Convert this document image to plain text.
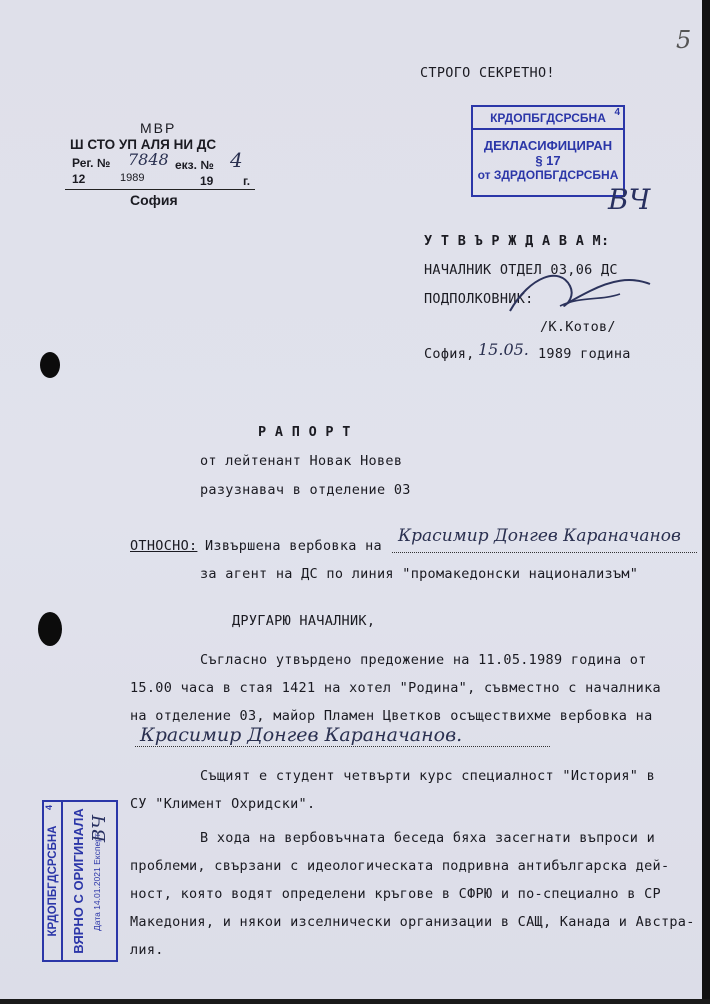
5
СТРОГО СЕКРЕТНО!
КРДОПБГДСРСБНА 4
ДЕКЛАСИФИЦИРАН
§ 17
от ЗДРДОПБГДСРСБНА
ВЧ
МВР
Ш СТО УП АЛЯ НИ ДС
Рег. № 7848 екз. № 4
12	1989	19 г.
София
У Т В Ъ Р Ж Д А В А М:
НАЧАЛНИК ОТДЕЛ 03,06 ДС
ПОДПОЛКОВНИК:
/К.Котов/
София, 15.05. 1989 година
Р А П О Р Т
от лейтенант Новак Новев
разузнавач в отделение 03
ОТНОСНО: Извършена вербовка на Красимир Донгев Караначанов
за агент на ДС по линия "промакедонски национализъм"
ДРУГАРЮ НАЧАЛНИК,
Съгласно утвърдено предожение на 11.05.1989 година от
15.00 часа в стая 1421 на хотел "Родина", съвместно с началника
на отделение 03, майор Пламен Цветков осъществихме вербовка на
Красимир Донгев Караначанов.
Същият е студент четвърти курс специалност "История" в
СУ "Климент Охридски".
В хода на вербовъчната беседа бяха засегнати въпроси и
проблеми, свързани с идеологическата подривна антибългарска дей-
ност, която водят определени кръгове в СФРЮ и по-специално в СР
Македония, и някои изселнически организации в САЩ, Канада и Австра-
лия.
КРДОПБГДСРСБНА
4
ВЯРНО С ОРИГИНАЛА Дата 14.01.2021 Експерт:
ВЧ
